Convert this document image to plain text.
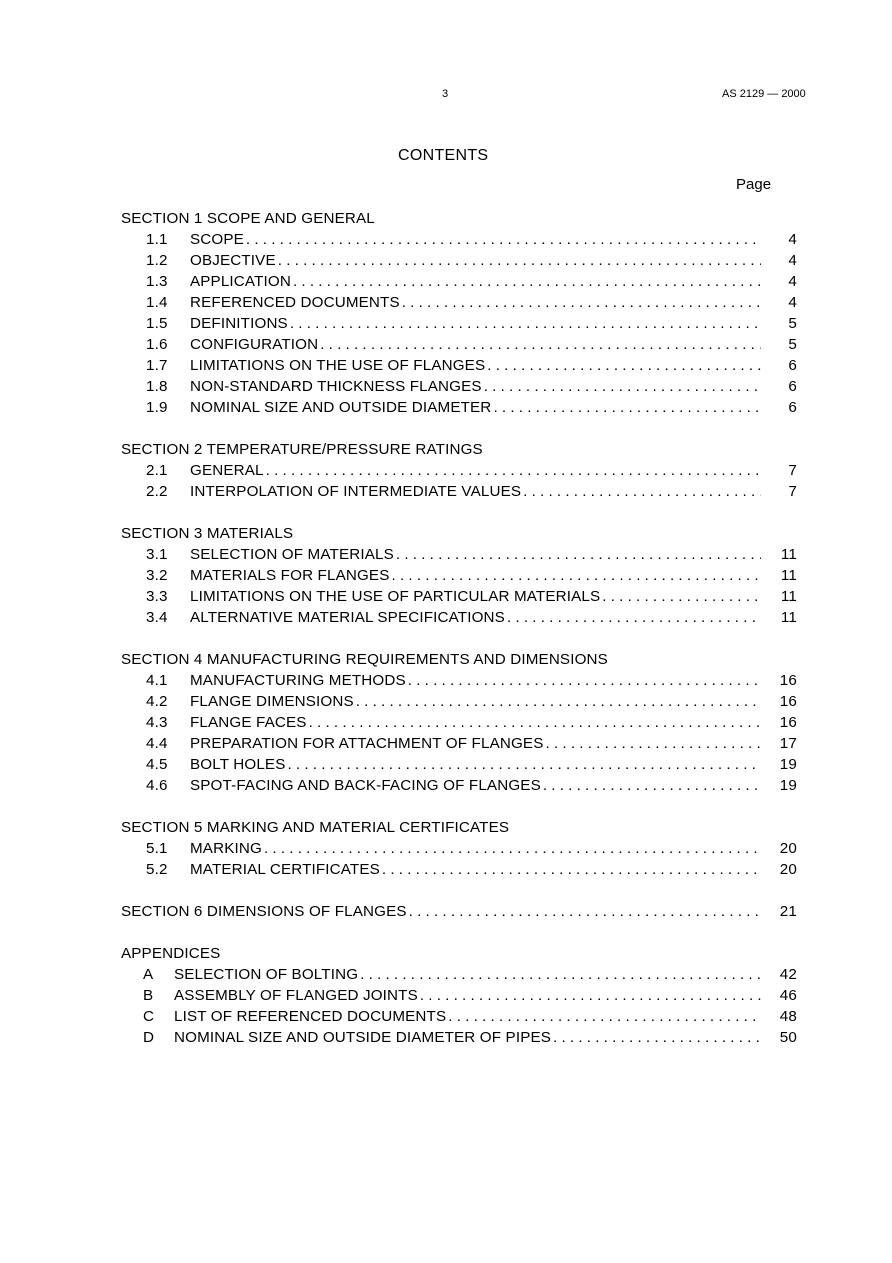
3	AS 2129 — 2000
CONTENTS
Page
SECTION 1 SCOPE AND GENERAL
1.1	SCOPE . . .	4
1.2	OBJECTIVE . . .	4
1.3	APPLICATION . . .	4
1.4	REFERENCED DOCUMENTS . . .	4
1.5	DEFINITIONS . . .	5
1.6	CONFIGURATION . . .	5
1.7	LIMITATIONS ON THE USE OF FLANGES . . .	6
1.8	NON-STANDARD THICKNESS FLANGES . . .	6
1.9	NOMINAL SIZE AND OUTSIDE DIAMETER . . .	6
SECTION 2 TEMPERATURE/PRESSURE RATINGS
2.1	GENERAL . . .	7
2.2	INTERPOLATION OF INTERMEDIATE VALUES . . .	7
SECTION 3 MATERIALS
3.1	SELECTION OF MATERIALS . . .	11
3.2	MATERIALS FOR FLANGES . . .	11
3.3	LIMITATIONS ON THE USE OF PARTICULAR MATERIALS . . .	11
3.4	ALTERNATIVE MATERIAL SPECIFICATIONS . . .	11
SECTION 4 MANUFACTURING REQUIREMENTS AND DIMENSIONS
4.1	MANUFACTURING METHODS . . .	16
4.2	FLANGE DIMENSIONS . . .	16
4.3	FLANGE FACES . . .	16
4.4	PREPARATION FOR ATTACHMENT OF FLANGES . . .	17
4.5	BOLT HOLES . . .	19
4.6	SPOT-FACING AND BACK-FACING OF FLANGES . . .	19
SECTION 5 MARKING AND MATERIAL CERTIFICATES
5.1	MARKING . . .	20
5.2	MATERIAL CERTIFICATES . . .	20
SECTION 6 DIMENSIONS OF FLANGES . . .	21
APPENDICES
A	SELECTION OF BOLTING . . .	42
B	ASSEMBLY OF FLANGED JOINTS . . .	46
C	LIST OF REFERENCED DOCUMENTS . . .	48
D	NOMINAL SIZE AND OUTSIDE DIAMETER OF PIPES . . .	50
